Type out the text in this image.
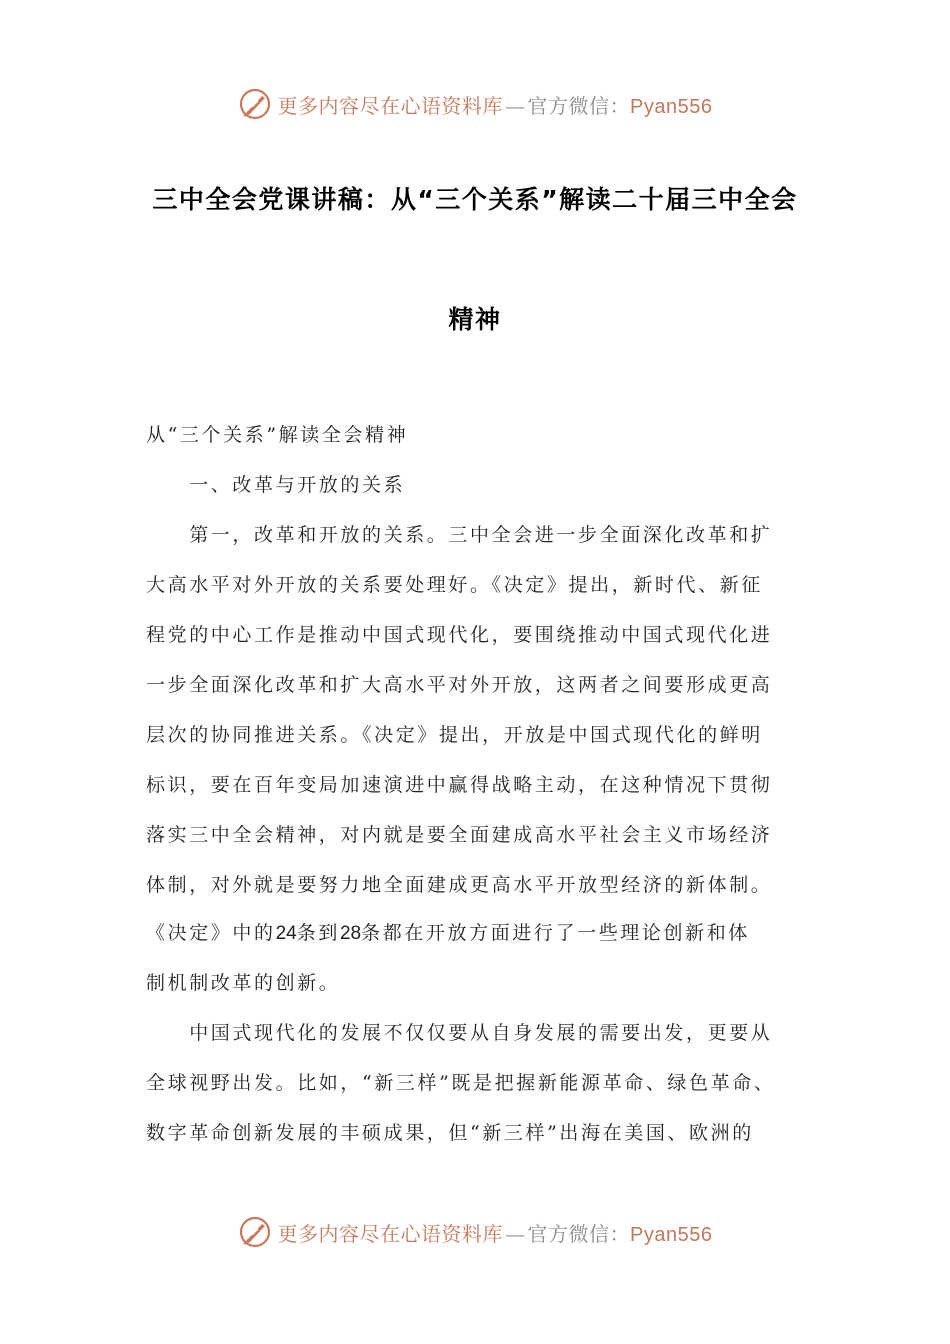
更多内容尽在心语资料库 — 官方微信：Pyan556
三中全会党课讲稿：从“三个关系”解读二十届三中全会
精神
从“三个关系”解读全会精神
　　一、改革与开放的关系
　　第一，改革和开放的关系。三中全会进一步全面深化改革和扩
大高水平对外开放的关系要处理好。《决定》提出，新时代、新征
程党的中心工作是推动中国式现代化，要围绕推动中国式现代化进
一步全面深化改革和扩大高水平对外开放，这两者之间要形成更高
层次的协同推进关系。《决定》提出，开放是中国式现代化的鲜明
标识，要在百年变局加速演进中赢得战略主动，在这种情况下贯彻
落实三中全会精神，对内就是要全面建成高水平社会主义市场经济
体制，对外就是要努力地全面建成更高水平开放型经济的新体制。
《决定》中的24条到28条都在开放方面进行了一些理论创新和体
制机制改革的创新。
　　中国式现代化的发展不仅仅要从自身发展的需要出发，更要从
全球视野出发。比如，“新三样”既是把握新能源革命、绿色革命、
数字革命创新发展的丰硕成果，但“新三样”出海在美国、欧洲的
更多内容尽在心语资料库 — 官方微信：Pyan556
